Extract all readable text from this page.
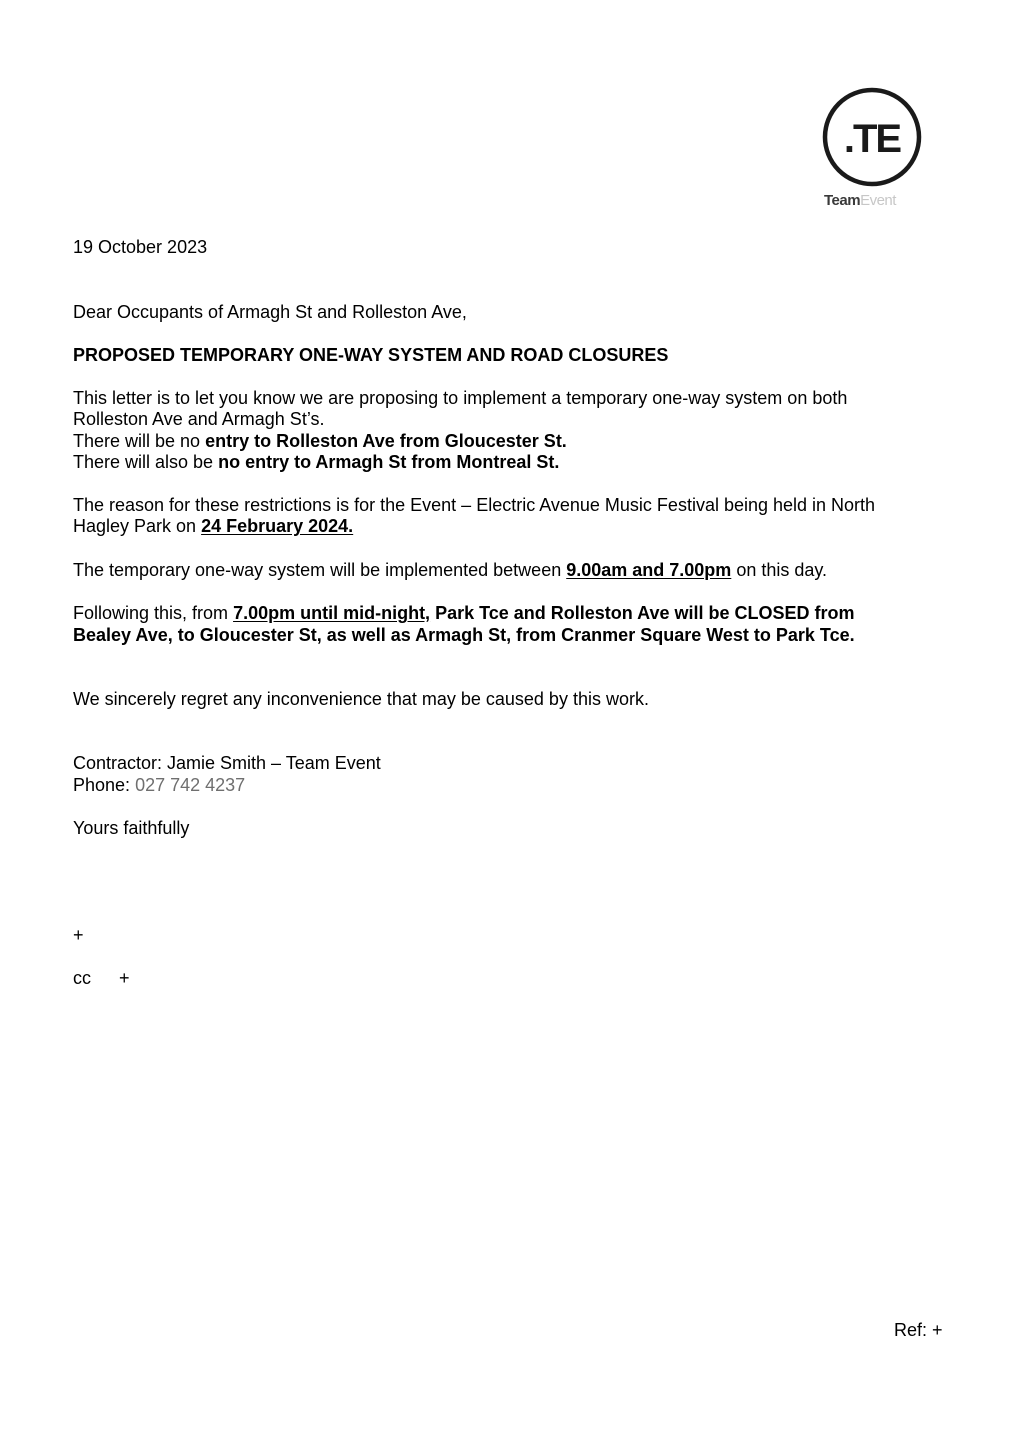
.TE
TeamEvent
19 October 2023
Dear Occupants of Armagh St and Rolleston Ave,
PROPOSED TEMPORARY ONE-WAY SYSTEM AND ROAD CLOSURES
This letter is to let you know we are proposing to implement a temporary one-way system on both
Rolleston Ave and Armagh St’s.
There will be no entry to Rolleston Ave from Gloucester St.
There will also be no entry to Armagh St from Montreal St.
The reason for these restrictions is for the Event – Electric Avenue Music Festival being held in North
Hagley Park on 24 February 2024.
The temporary one-way system will be implemented between 9.00am and 7.00pm on this day.
Following this, from 7.00pm until mid-night, Park Tce and Rolleston Ave will be CLOSED from
Bealey Ave, to Gloucester St, as well as Armagh St, from Cranmer Square West to Park Tce.
We sincerely regret any inconvenience that may be caused by this work.
Contractor: Jamie Smith – Team Event
Phone: 027 742 4237
Yours faithfully
+
cc +
Ref: +
